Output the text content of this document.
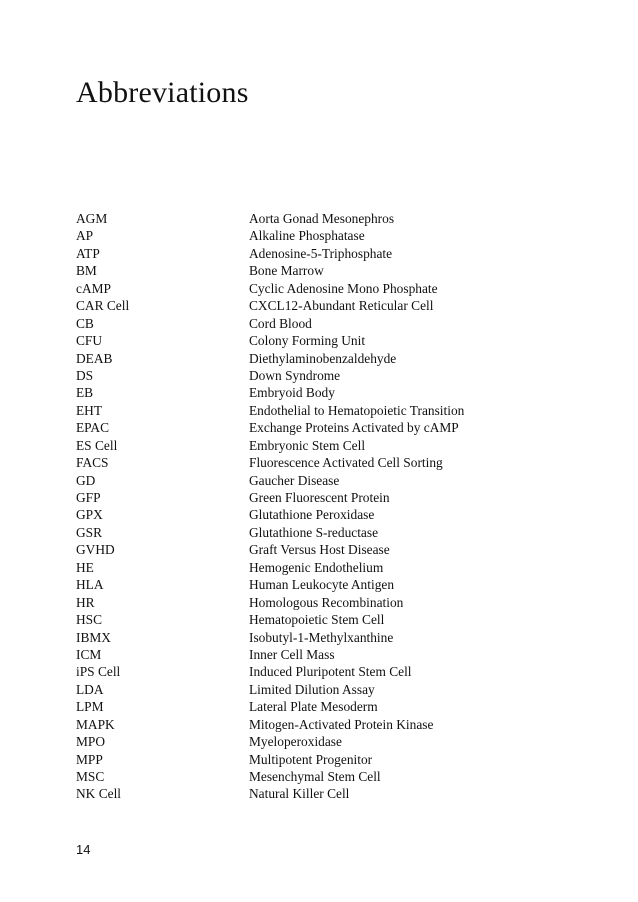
Abbreviations
AGM	Aorta Gonad Mesonephros
AP	Alkaline Phosphatase
ATP	Adenosine-5-Triphosphate
BM	Bone Marrow
cAMP	Cyclic Adenosine Mono Phosphate
CAR Cell	CXCL12-Abundant Reticular Cell
CB	Cord Blood
CFU	Colony Forming Unit
DEAB	Diethylaminobenzaldehyde
DS	Down Syndrome
EB	Embryoid Body
EHT	Endothelial to Hematopoietic Transition
EPAC	Exchange Proteins Activated by cAMP
ES Cell	Embryonic Stem Cell
FACS	Fluorescence Activated Cell Sorting
GD	Gaucher Disease
GFP	Green Fluorescent Protein
GPX	Glutathione Peroxidase
GSR	Glutathione S-reductase
GVHD	Graft Versus Host Disease
HE	Hemogenic Endothelium
HLA	Human Leukocyte Antigen
HR	Homologous Recombination
HSC	Hematopoietic Stem Cell
IBMX	Isobutyl-1-Methylxanthine
ICM	Inner Cell Mass
iPS Cell	Induced Pluripotent Stem Cell
LDA	Limited Dilution Assay
LPM	Lateral Plate Mesoderm
MAPK	Mitogen-Activated Protein Kinase
MPO	Myeloperoxidase
MPP	Multipotent Progenitor
MSC	Mesenchymal Stem Cell
NK Cell	Natural Killer Cell
14
